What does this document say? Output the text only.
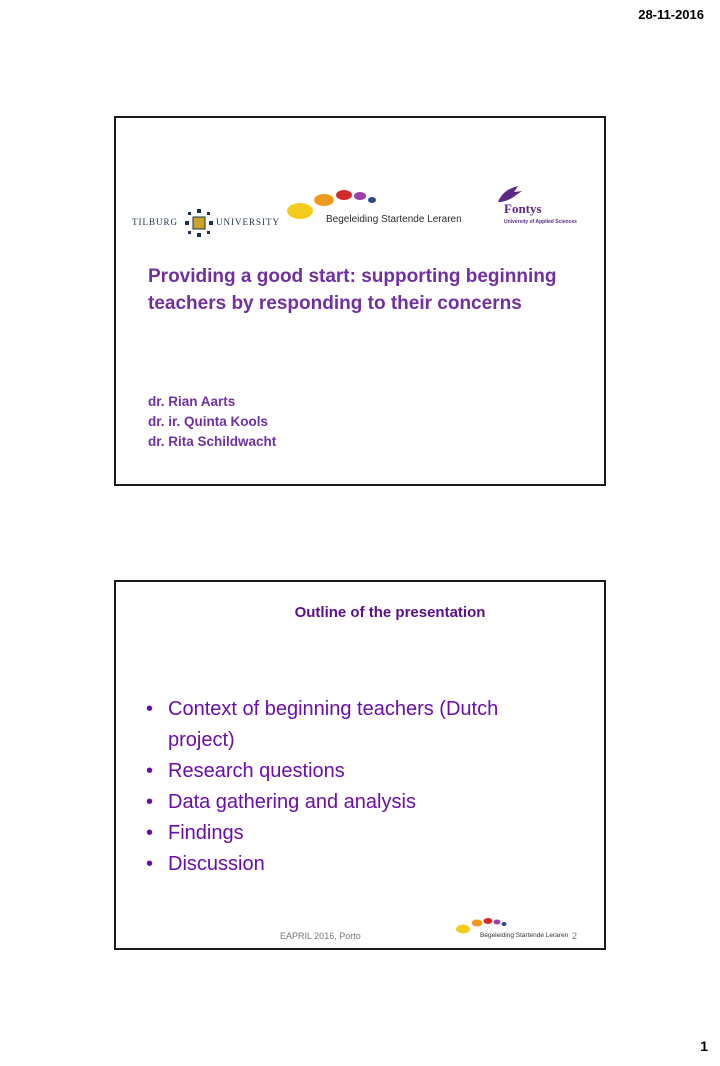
28-11-2016
TILBURG	UNIVERSITY	Begeleiding Startende Leraren
Fontys
University of Applied Sciences
Providing a good start: supporting beginning teachers by responding to their concerns
dr. Rian Aarts
dr. ir. Quinta Kools
dr. Rita Schildwacht
Outline of the presentation
• Context of beginning teachers (Dutch project)
• Research questions
• Data gathering and analysis
• Findings
• Discussion
EAPRIL 2016, Porto	Begeleiding Startende Leraren 2
1
